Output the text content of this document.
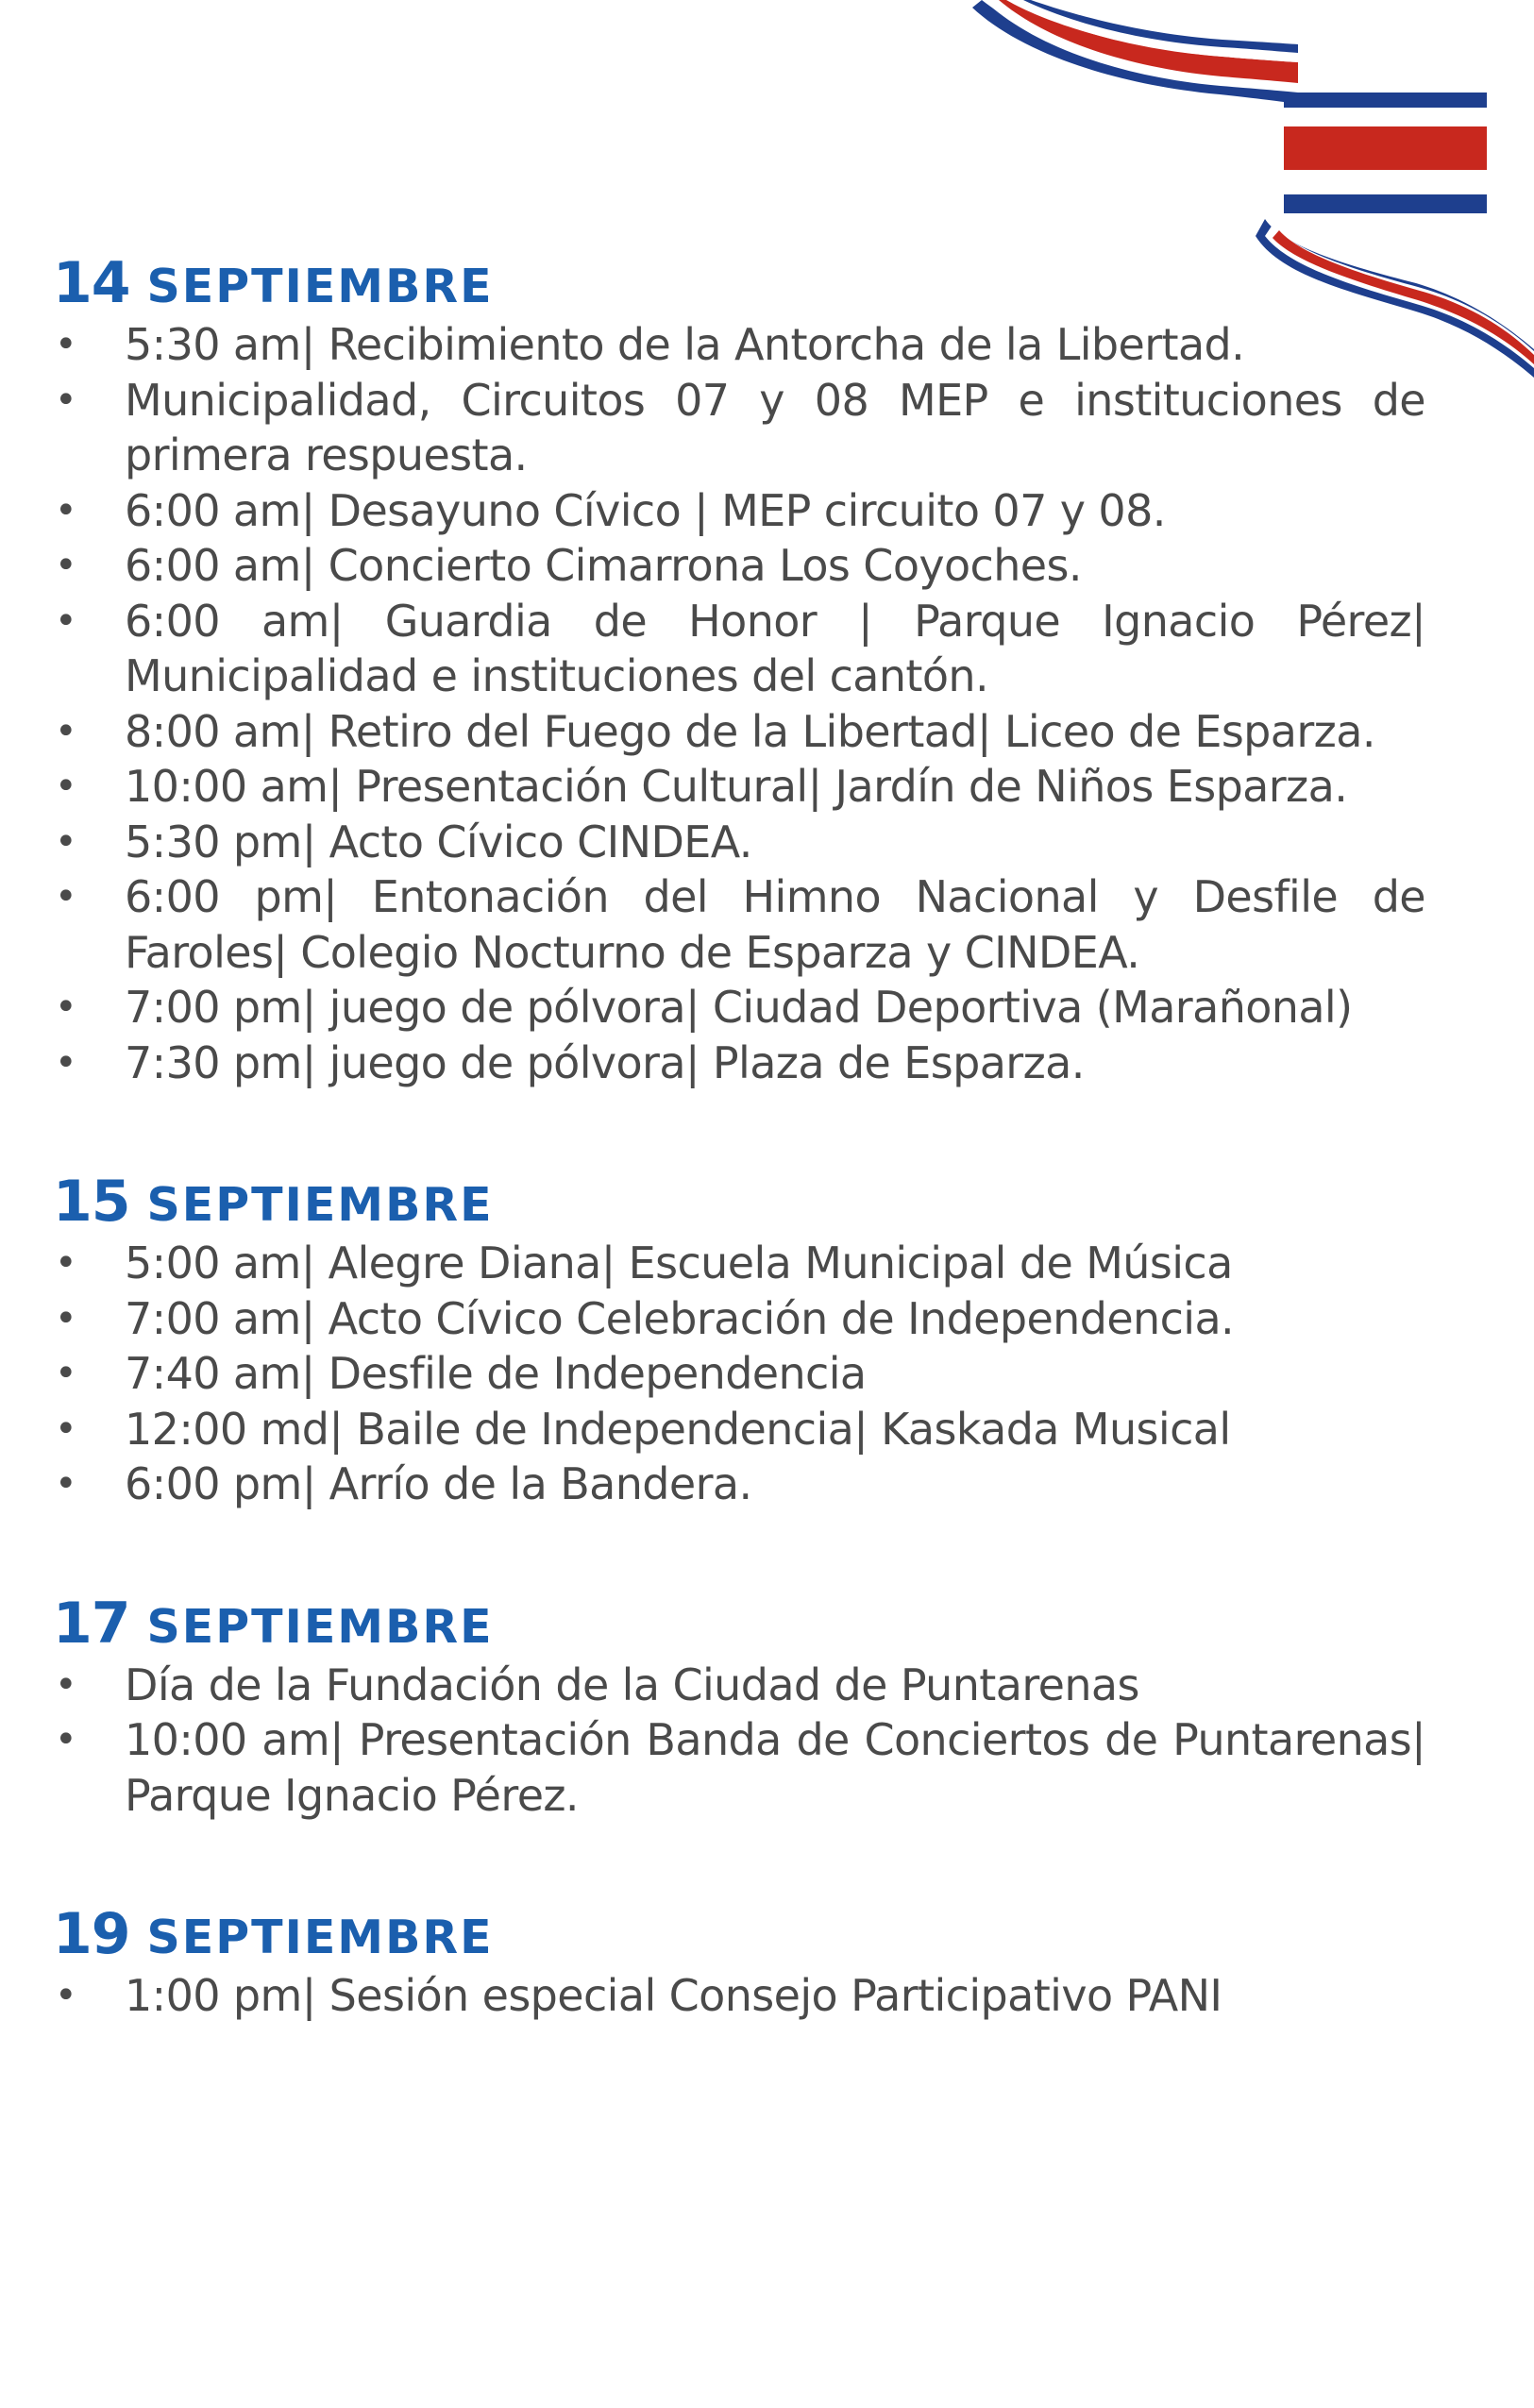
14 SEPTIEMBRE
• 5:30 am| Recibimiento de la Antorcha de la Libertad.
• Municipalidad, Circuitos 07 y 08 MEP e instituciones de primera respuesta.
• 6:00 am| Desayuno Cívico | MEP circuito 07 y 08.
• 6:00 am| Concierto Cimarrona Los Coyoches.
• 6:00 am| Guardia de Honor | Parque Ignacio Pérez| Municipalidad e instituciones del cantón.
• 8:00 am| Retiro del Fuego de la Libertad| Liceo de Esparza.
• 10:00 am| Presentación Cultural| Jardín de Niños Esparza.
• 5:30 pm| Acto Cívico CINDEA.
• 6:00 pm| Entonación del Himno Nacional y Desfile de Faroles| Colegio Nocturno de Esparza y CINDEA.
• 7:00 pm| juego de pólvora| Ciudad Deportiva (Marañonal)
• 7:30 pm| juego de pólvora| Plaza de Esparza.
15 SEPTIEMBRE
• 5:00 am| Alegre Diana| Escuela Municipal de Música
• 7:00 am| Acto Cívico Celebración de Independencia.
• 7:40 am| Desfile de Independencia
• 12:00 md| Baile de Independencia| Kaskada Musical
• 6:00 pm| Arrío de la Bandera.
17 SEPTIEMBRE
• Día de la Fundación de la Ciudad de Puntarenas
• 10:00 am| Presentación Banda de Conciertos de Puntarenas| Parque Ignacio Pérez.
19 SEPTIEMBRE
• 1:00 pm| Sesión especial Consejo Participativo PANI
